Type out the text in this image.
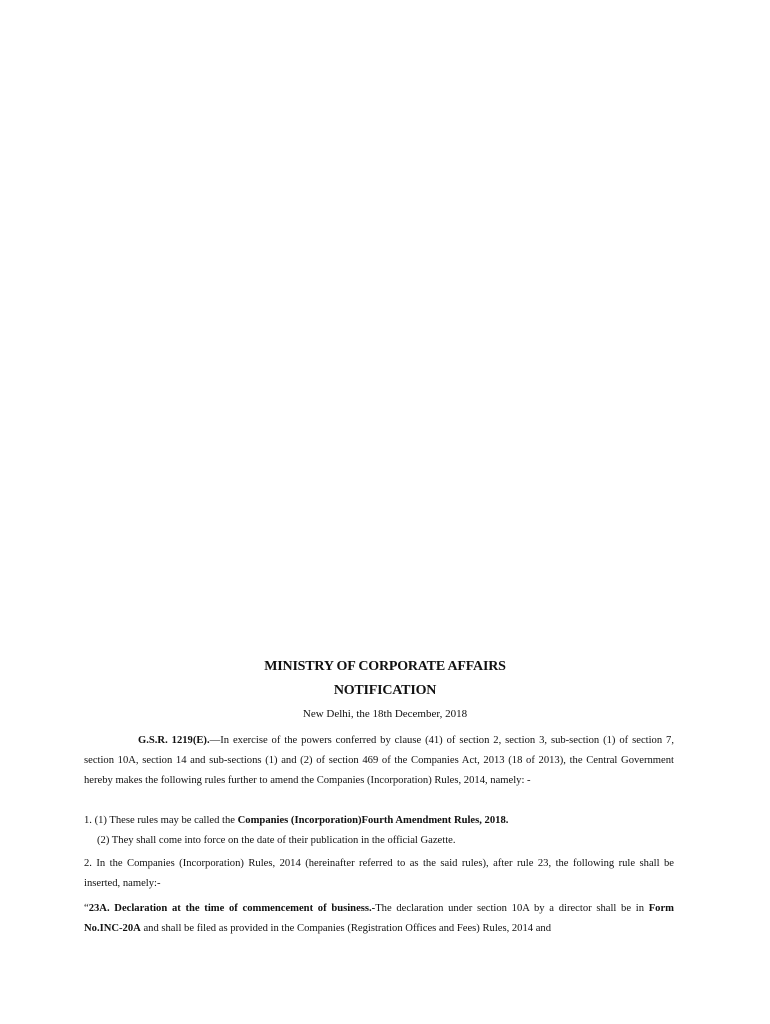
MINISTRY OF CORPORATE AFFAIRS
NOTIFICATION
New Delhi, the 18th December, 2018

G.S.R. 1219(E).—In exercise of the powers conferred by clause (41) of section 2, section 3, sub-section (1) of section 7, section 10A, section 14 and sub-sections (1) and (2) of section 469 of the Companies Act, 2013 (18 of 2013), the Central Government hereby makes the following rules further to amend the Companies (Incorporation) Rules, 2014, namely: -

1. (1) These rules may be called the Companies (Incorporation)Fourth Amendment Rules, 2018.

(2) They shall come into force on the date of their publication in the official Gazette.

2. In the Companies (Incorporation) Rules, 2014 (hereinafter referred to as the said rules), after rule 23, the following rule shall be inserted, namely:-

“23A. Declaration at the time of commencement of business.-The declaration under section 10A by a director shall be in Form No.INC-20A and shall be filed as provided in the Companies (Registration Offices and Fees) Rules, 2014 and
